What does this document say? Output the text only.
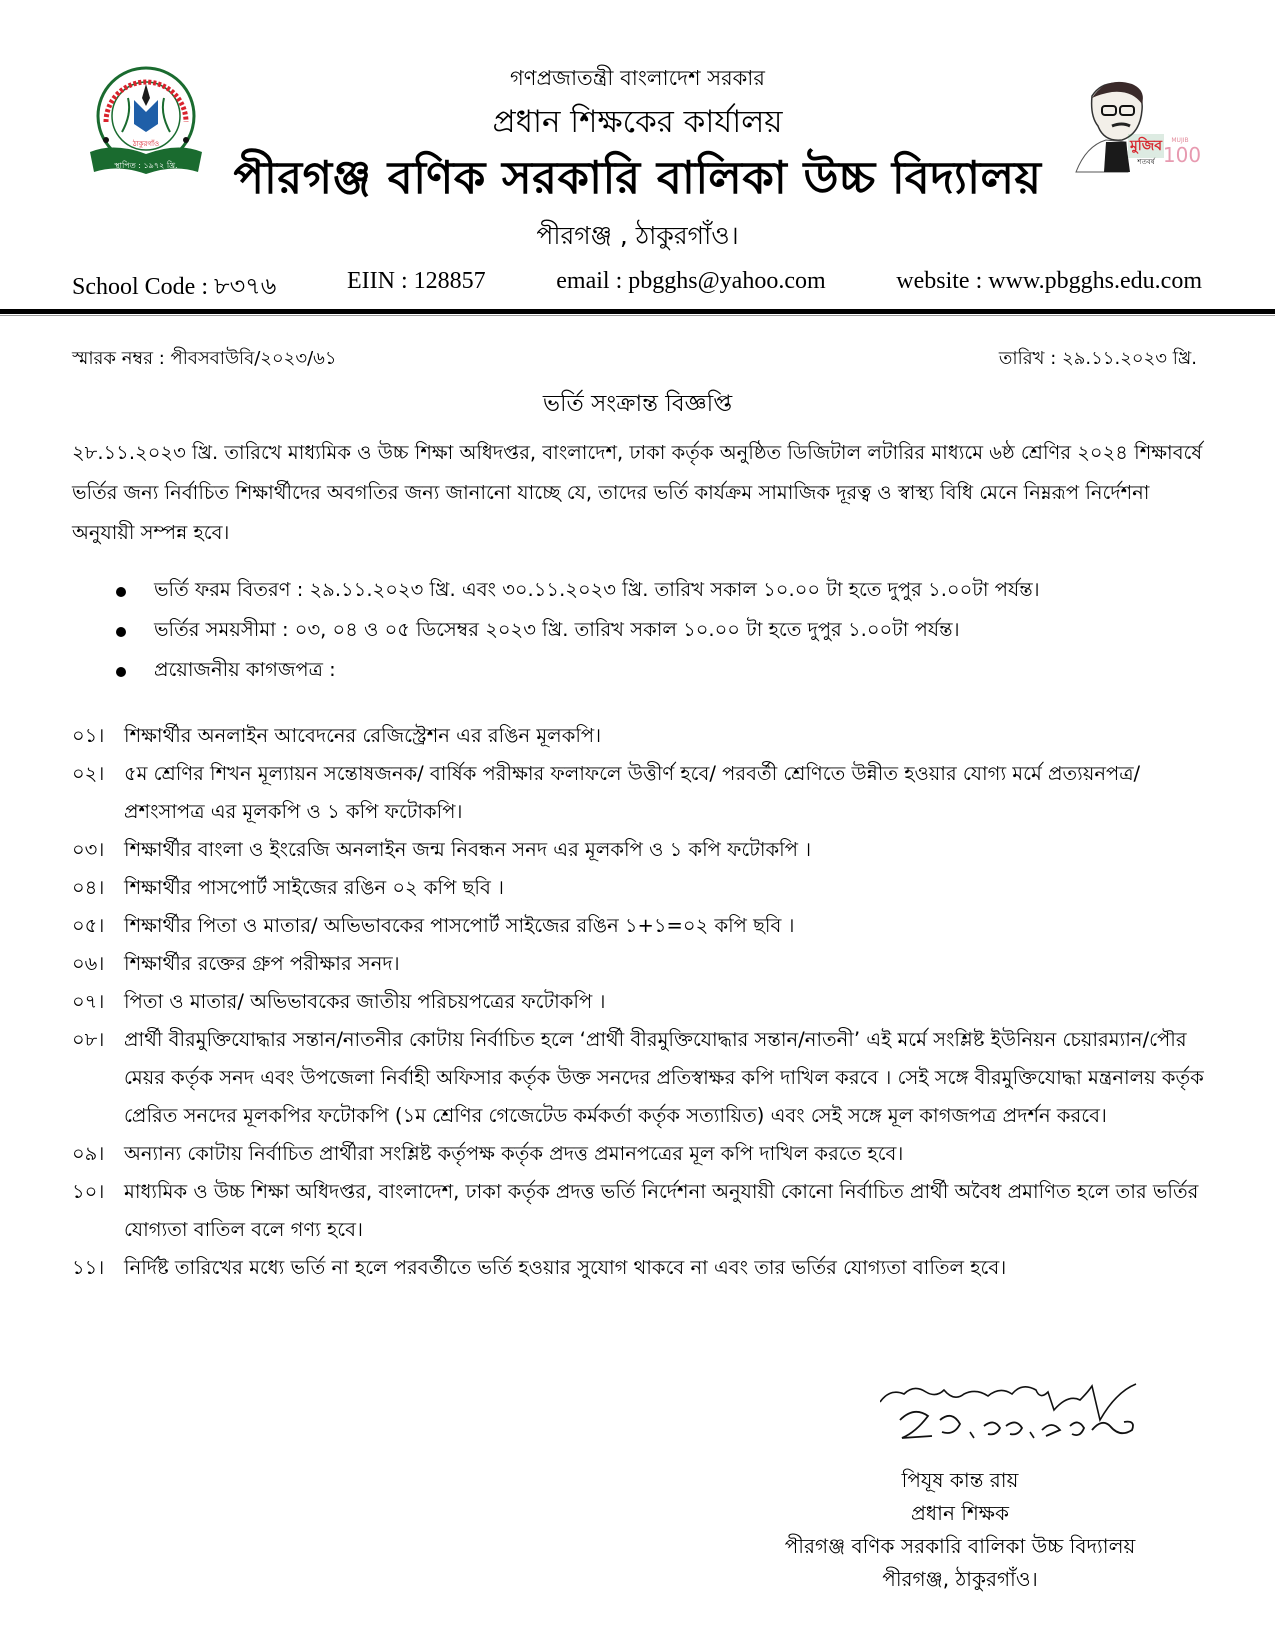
ঠাকুরগাঁও
স্থাপিত : ১৯৭২ খ্রি.
গণপ্রজাতন্ত্রী বাংলাদেশ সরকার
প্রধান শিক্ষকের কার্যালয়
পীরগঞ্জ বণিক সরকারি বালিকা উচ্চ বিদ্যালয়
পীরগঞ্জ , ঠাকুরগাঁও।
মুজিব
শতবর্ষ
MUJIB
100
School Code : ৮৩৭৬	EIIN : 128857	email : pbgghs@yahoo.com	website : www.pbgghs.edu.com
স্মারক নম্বর : পীবসবাউবি/২০২৩/৬১	তারিখ : ২৯.১১.২০২৩ খ্রি.
ভর্তি সংক্রান্ত বিজ্ঞপ্তি
২৮.১১.২০২৩ খ্রি. তারিখে মাধ্যমিক ও উচ্চ শিক্ষা অধিদপ্তর, বাংলাদেশ, ঢাকা কর্তৃক অনুষ্ঠিত ডিজিটাল লটারির মাধ্যমে ৬ষ্ঠ শ্রেণির ২০২৪ শিক্ষাবর্ষে ভর্তির জন্য নির্বাচিত শিক্ষার্থীদের অবগতির জন্য জানানো যাচ্ছে যে, তাদের ভর্তি কার্যক্রম সামাজিক দূরত্ব ও স্বাস্থ্য বিধি মেনে নিম্নরূপ নির্দেশনা অনুযায়ী সম্পন্ন হবে।
ভর্তি ফরম বিতরণ : ২৯.১১.২০২৩ খ্রি. এবং ৩০.১১.২০২৩ খ্রি. তারিখ সকাল ১০.০০ টা হতে দুপুর ১.০০টা পর্যন্ত।
ভর্তির সময়সীমা : ০৩, ০৪ ও ০৫ ডিসেম্বর ২০২৩ খ্রি. তারিখ সকাল ১০.০০ টা হতে দুপুর ১.০০টা পর্যন্ত।
প্রয়োজনীয় কাগজপত্র :
০১।	শিক্ষার্থীর অনলাইন আবেদনের রেজিস্ট্রেশন এর রঙিন মূলকপি।
০২।	৫ম শ্রেণির শিখন মূল্যায়ন সন্তোষজনক/ বার্ষিক পরীক্ষার ফলাফলে উত্তীর্ণ হবে/ পরবর্তী শ্রেণিতে উন্নীত হওয়ার যোগ্য মর্মে প্রত্যয়নপত্র/ প্রশংসাপত্র এর মূলকপি ও ১ কপি ফটোকপি।
০৩।	শিক্ষার্থীর বাংলা ও ইংরেজি অনলাইন জন্ম নিবন্ধন সনদ এর মূলকপি ও ১ কপি ফটোকপি ।
০৪।	শিক্ষার্থীর পাসপোর্ট সাইজের রঙিন ০২ কপি ছবি ।
০৫।	শিক্ষার্থীর পিতা ও মাতার/ অভিভাবকের পাসপোর্ট সাইজের রঙিন ১+১=০২ কপি ছবি ।
০৬।	শিক্ষার্থীর রক্তের গ্রুপ পরীক্ষার সনদ।
০৭।	পিতা ও মাতার/ অভিভাবকের জাতীয় পরিচয়পত্রের ফটোকপি ।
০৮।	প্রার্থী বীরমুক্তিযোদ্ধার সন্তান/নাতনীর কোটায় নির্বাচিত হলে ‘প্রার্থী বীরমুক্তিযোদ্ধার সন্তান/নাতনী’ এই মর্মে সংশ্লিষ্ট ইউনিয়ন চেয়ারম্যান/পৌর মেয়র কর্তৃক সনদ এবং উপজেলা নির্বাহী অফিসার কর্তৃক উক্ত সনদের প্রতিস্বাক্ষর কপি দাখিল করবে । সেই সঙ্গে বীরমুক্তিযোদ্ধা মন্ত্রনালয় কর্তৃক প্রেরিত সনদের মূলকপির ফটোকপি (১ম শ্রেণির গেজেটেড কর্মকর্তা কর্তৃক সত্যায়িত) এবং সেই সঙ্গে মূল কাগজপত্র প্রদর্শন করবে।
০৯।	অন্যান্য কোটায় নির্বাচিত প্রার্থীরা সংশ্লিষ্ট কর্তৃপক্ষ কর্তৃক প্রদত্ত প্রমানপত্রের মূল কপি দাখিল করতে হবে।
১০।	মাধ্যমিক ও উচ্চ শিক্ষা অধিদপ্তর, বাংলাদেশ, ঢাকা কর্তৃক প্রদত্ত ভর্তি নির্দেশনা অনুযায়ী কোনো নির্বাচিত প্রার্থী অবৈধ প্রমাণিত হলে তার ভর্তির যোগ্যতা বাতিল বলে গণ্য হবে।
১১।	নির্দিষ্ট তারিখের মধ্যে ভর্তি না হলে পরবর্তীতে ভর্তি হওয়ার সুযোগ থাকবে না এবং তার ভর্তির যোগ্যতা বাতিল হবে।
পিযূষ কান্ত রায়
প্রধান শিক্ষক
পীরগঞ্জ বণিক সরকারি বালিকা উচ্চ বিদ্যালয়
পীরগঞ্জ, ঠাকুরগাঁও।
